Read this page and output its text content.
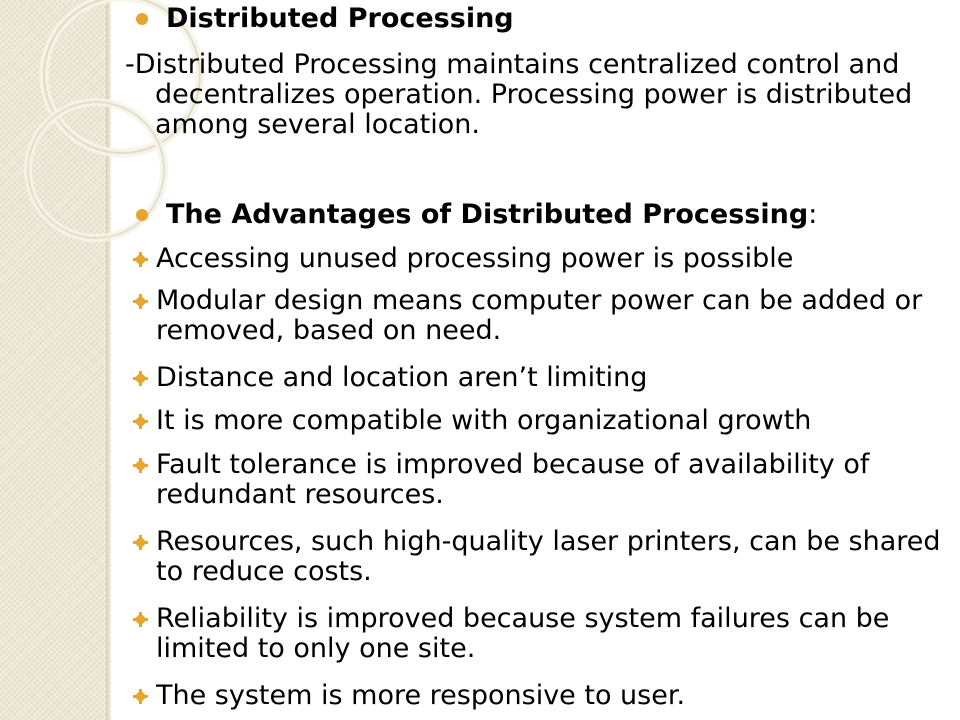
Distributed Processing
-Distributed Processing maintains centralized control and decentralizes operation. Processing power is distributed among several location.
The Advantages of Distributed Processing:
Accessing unused processing power is possible
Modular design means computer power can be added or removed, based on need.
Distance and location aren’t limiting
It is more compatible with organizational growth
Fault tolerance is improved because of availability of redundant resources.
Resources, such high-quality laser printers, can be shared to reduce costs.
Reliability is improved because system failures can be limited to only one site.
The system is more responsive to user.
